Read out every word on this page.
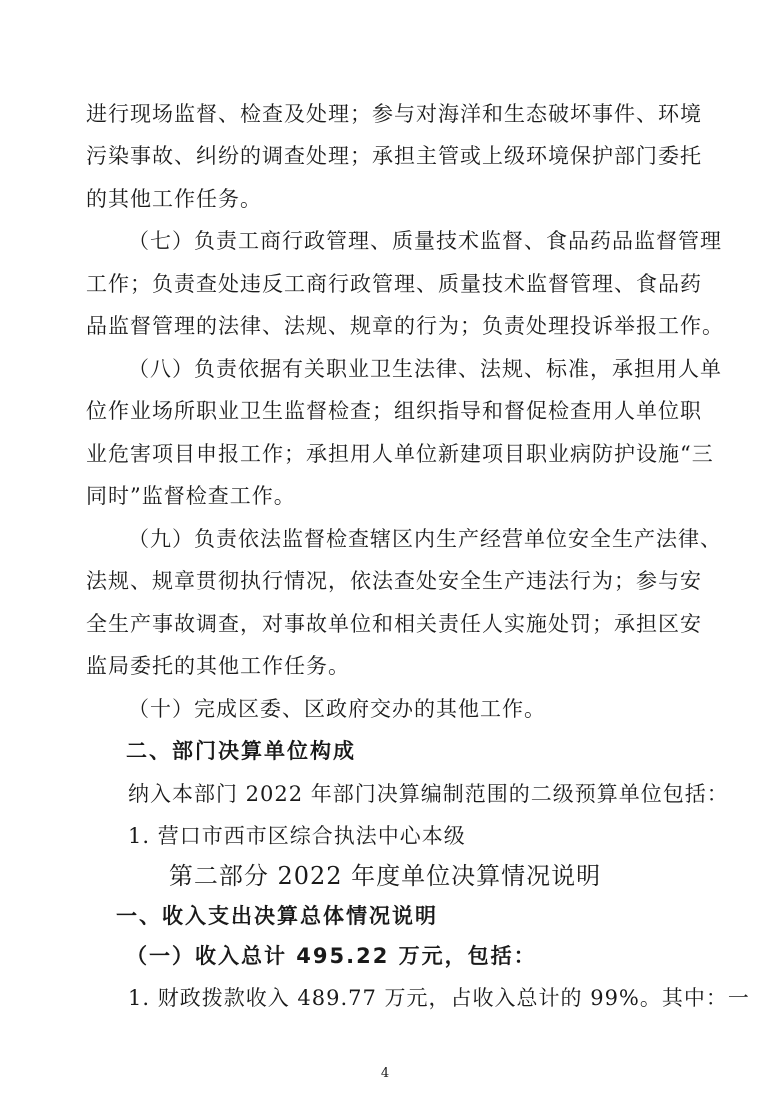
进行现场监督、检查及处理；参与对海洋和生态破坏事件、环境
污染事故、纠纷的调查处理；承担主管或上级环境保护部门委托
的其他工作任务。
（七）负责工商行政管理、质量技术监督、食品药品监督管理
工作；负责查处违反工商行政管理、质量技术监督管理、食品药
品监督管理的法律、法规、规章的行为；负责处理投诉举报工作。
（八）负责依据有关职业卫生法律、法规、标准，承担用人单
位作业场所职业卫生监督检查；组织指导和督促检查用人单位职
业危害项目申报工作；承担用人单位新建项目职业病防护设施“三
同时”监督检查工作。
（九）负责依法监督检查辖区内生产经营单位安全生产法律、
法规、规章贯彻执行情况，依法查处安全生产违法行为；参与安
全生产事故调查，对事故单位和相关责任人实施处罚；承担区安
监局委托的其他工作任务。
（十）完成区委、区政府交办的其他工作。
二、部门决算单位构成
纳入本部门 2022 年部门决算编制范围的二级预算单位包括：
1. 营口市西市区综合执法中心本级
第二部分 2022 年度单位决算情况说明
一、收入支出决算总体情况说明
（一）收入总计 495.22 万元，包括：
1. 财政拨款收入 489.77 万元，占收入总计的 99%。其中：一
4
